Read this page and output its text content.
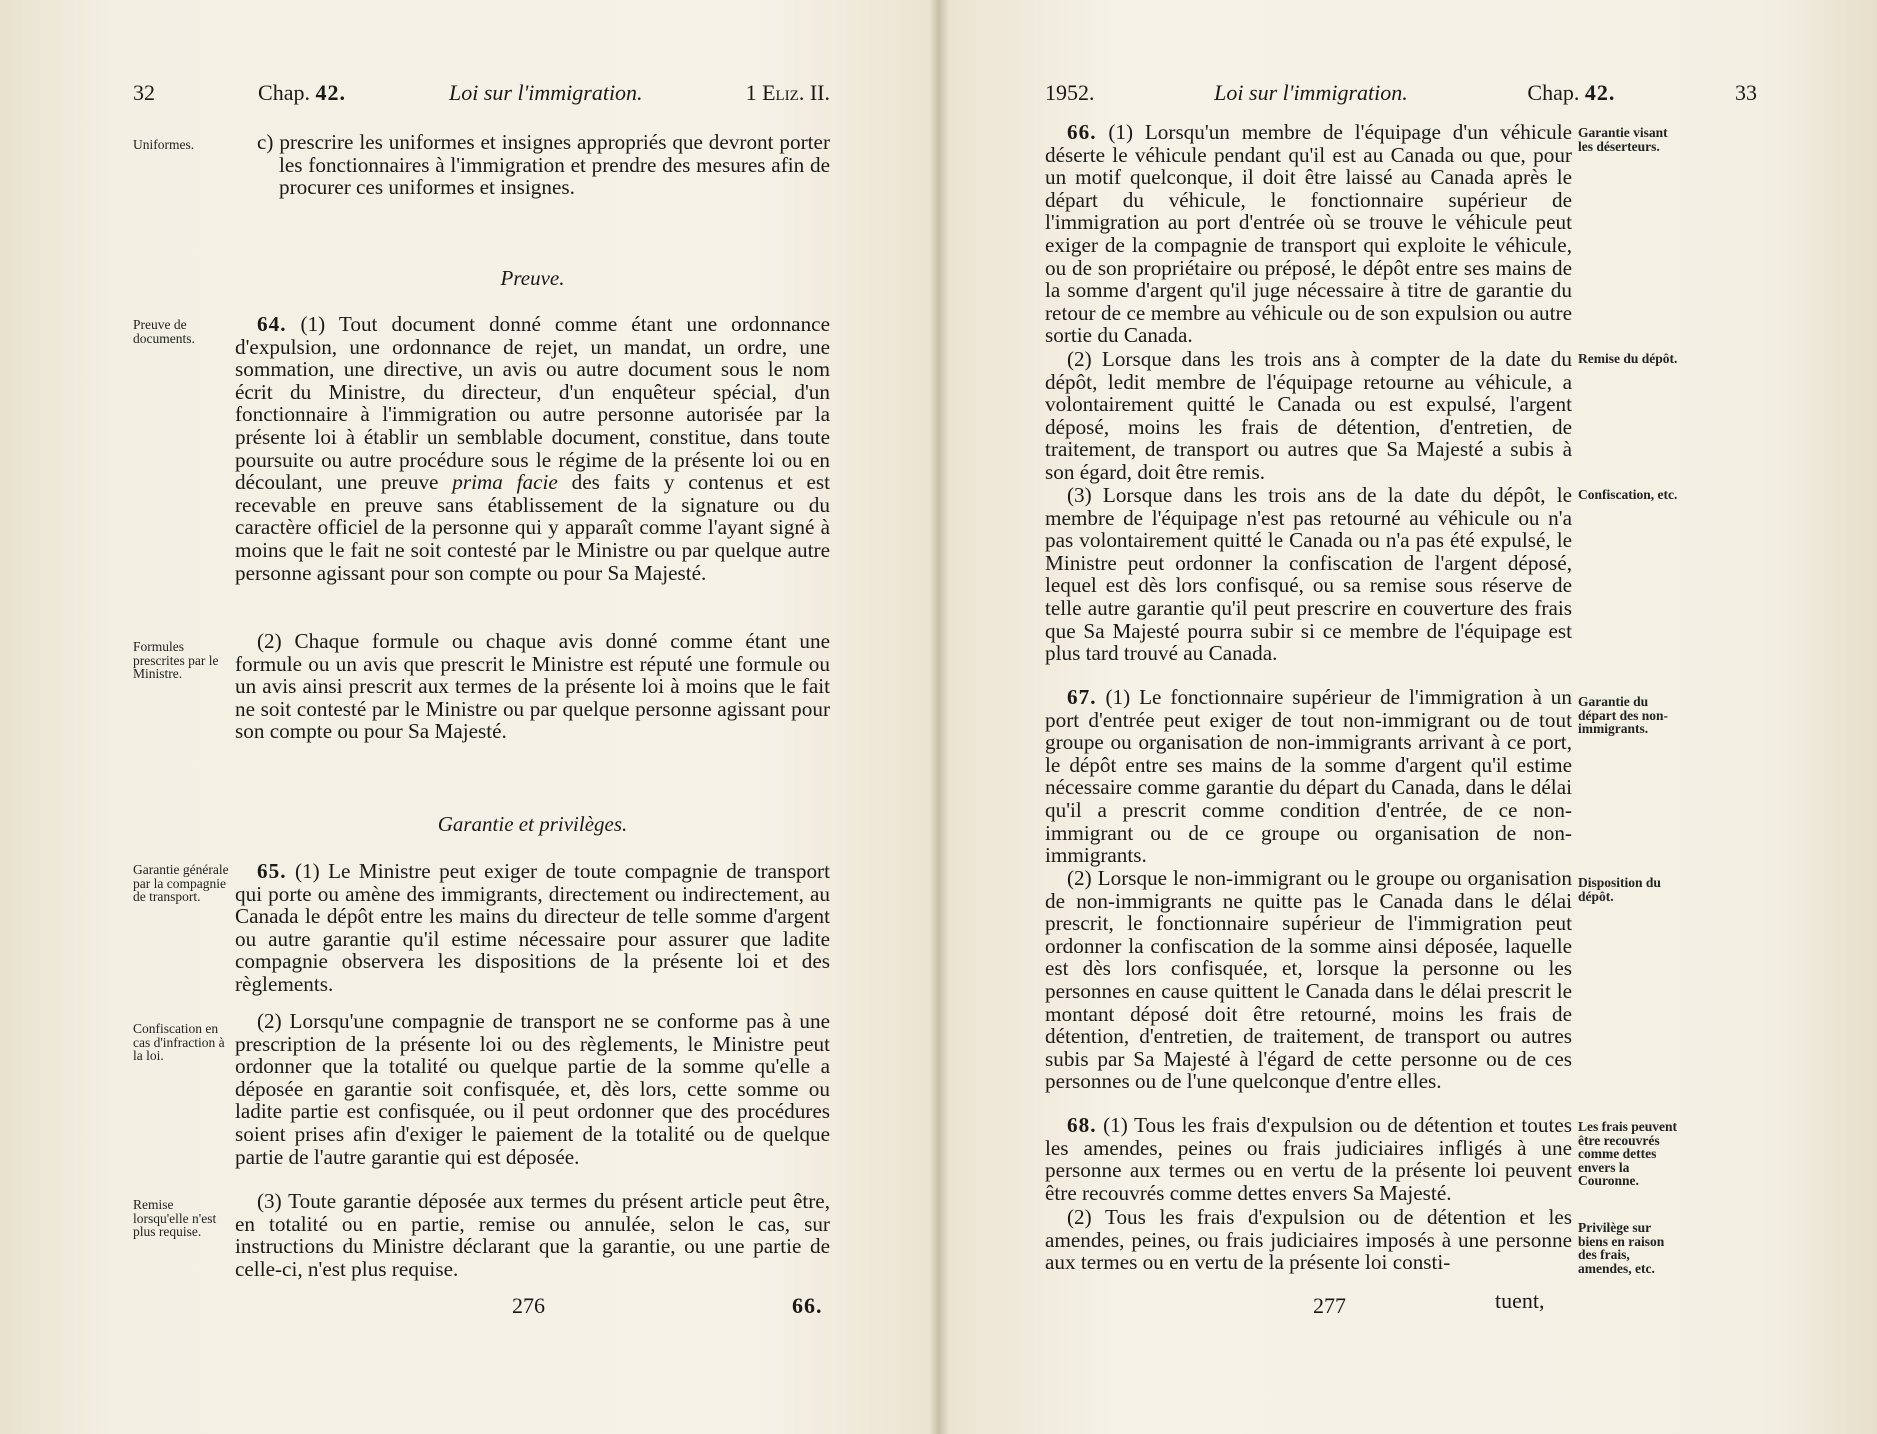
32	Chap. 42.	Loi sur l'immigration.	1 Eliz. II.
Uniformes.	c) prescrire les uniformes et insignes appropriés que devront porter les fonctionnaires à l'immigration et prendre des mesures afin de procurer ces uniformes et insignes.

Preuve.
Preuve de documents.

64. (1) Tout document donné comme étant une ordonnance d'expulsion, une ordonnance de rejet, un mandat, un ordre, une sommation, une directive, un avis ou autre document sous le nom écrit du Ministre, du directeur, d'un enquêteur spécial, d'un fonctionnaire à l'immigration ou autre personne autorisée par la présente loi à établir un semblable document, constitue, dans toute poursuite ou autre procédure sous le régime de la présente loi ou en découlant, une preuve prima facie des faits y contenus et est recevable en preuve sans établissement de la signature ou du caractère officiel de la personne qui y apparaît comme l'ayant signé à moins que le fait ne soit contesté par le Ministre ou par quelque autre personne agissant pour son compte ou pour Sa Majesté.

Formules prescrites par le Ministre.

(2) Chaque formule ou chaque avis donné comme étant une formule ou un avis que prescrit le Ministre est réputé une formule ou un avis ainsi prescrit aux termes de la présente loi à moins que le fait ne soit contesté par le Ministre ou par quelque personne agissant pour son compte ou pour Sa Majesté.

Garantie et privilèges.
Garantie générale par la compagnie de transport.

65. (1) Le Ministre peut exiger de toute compagnie de transport qui porte ou amène des immigrants, directement ou indirectement, au Canada le dépôt entre les mains du directeur de telle somme d'argent ou autre garantie qu'il estime nécessaire pour assurer que ladite compagnie observera les dispositions de la présente loi et des règlements.

Confiscation en cas d'infraction à la loi.

(2) Lorsqu'une compagnie de transport ne se conforme pas à une prescription de la présente loi ou des règlements, le Ministre peut ordonner que la totalité ou quelque partie de la somme qu'elle a déposée en garantie soit confisquée, et, dès lors, cette somme ou ladite partie est confisquée, ou il peut ordonner que des procédures soient prises afin d'exiger le paiement de la totalité ou de quelque partie de l'autre garantie qui est déposée.

Remise lorsqu'elle n'est plus requise.

(3) Toute garantie déposée aux termes du présent article peut être, en totalité ou en partie, remise ou annulée, selon le cas, sur instructions du Ministre déclarant que la garantie, ou une partie de celle-ci, n'est plus requise.

276	66.
1952.	Loi sur l'immigration.	Chap. 42.	33
Garantie visant les déserteurs.

66. (1) Lorsqu'un membre de l'équipage d'un véhicule déserte le véhicule pendant qu'il est au Canada ou que, pour un motif quelconque, il doit être laissé au Canada après le départ du véhicule, le fonctionnaire supérieur de l'immigration au port d'entrée où se trouve le véhicule peut exiger de la compagnie de transport qui exploite le véhicule, ou de son propriétaire ou préposé, le dépôt entre ses mains de la somme d'argent qu'il juge nécessaire à titre de garantie du retour de ce membre au véhicule ou de son expulsion ou autre sortie du Canada.

Remise du dépôt.

(2) Lorsque dans les trois ans à compter de la date du dépôt, ledit membre de l'équipage retourne au véhicule, a volontairement quitté le Canada ou est expulsé, l'argent déposé, moins les frais de détention, d'entretien, de traitement, de transport ou autres que Sa Majesté a subis à son égard, doit être remis.

Confiscation, etc.

(3) Lorsque dans les trois ans de la date du dépôt, le membre de l'équipage n'est pas retourné au véhicule ou n'a pas volontairement quitté le Canada ou n'a pas été expulsé, le Ministre peut ordonner la confiscation de l'argent déposé, lequel est dès lors confisqué, ou sa remise sous réserve de telle autre garantie qu'il peut prescrire en couverture des frais que Sa Majesté pourra subir si ce membre de l'équipage est plus tard trouvé au Canada.

Garantie du départ des non-immigrants.

67. (1) Le fonctionnaire supérieur de l'immigration à un port d'entrée peut exiger de tout non-immigrant ou de tout groupe ou organisation de non-immigrants arrivant à ce port, le dépôt entre ses mains de la somme d'argent qu'il estime nécessaire comme garantie du départ du Canada, dans le délai qu'il a prescrit comme condition d'entrée, de ce non-immigrant ou de ce groupe ou organisation de non-immigrants.

Disposition du dépôt.

(2) Lorsque le non-immigrant ou le groupe ou organisation de non-immigrants ne quitte pas le Canada dans le délai prescrit, le fonctionnaire supérieur de l'immigration peut ordonner la confiscation de la somme ainsi déposée, laquelle est dès lors confisquée, et, lorsque la personne ou les personnes en cause quittent le Canada dans le délai prescrit le montant déposé doit être retourné, moins les frais de détention, d'entretien, de traitement, de transport ou autres subis par Sa Majesté à l'égard de cette personne ou de ces personnes ou de l'une quelconque d'entre elles.

Les frais peuvent être recouvrés comme dettes envers la Couronne.

68. (1) Tous les frais d'expulsion ou de détention et toutes les amendes, peines ou frais judiciaires infligés à une personne aux termes ou en vertu de la présente loi peuvent être recouvrés comme dettes envers Sa Majesté.

Privilège sur biens en raison des frais, amendes, etc.

(2) Tous les frais d'expulsion ou de détention et les amendes, peines, ou frais judiciaires imposés à une personne aux termes ou en vertu de la présente loi consti-

277	tuent,
